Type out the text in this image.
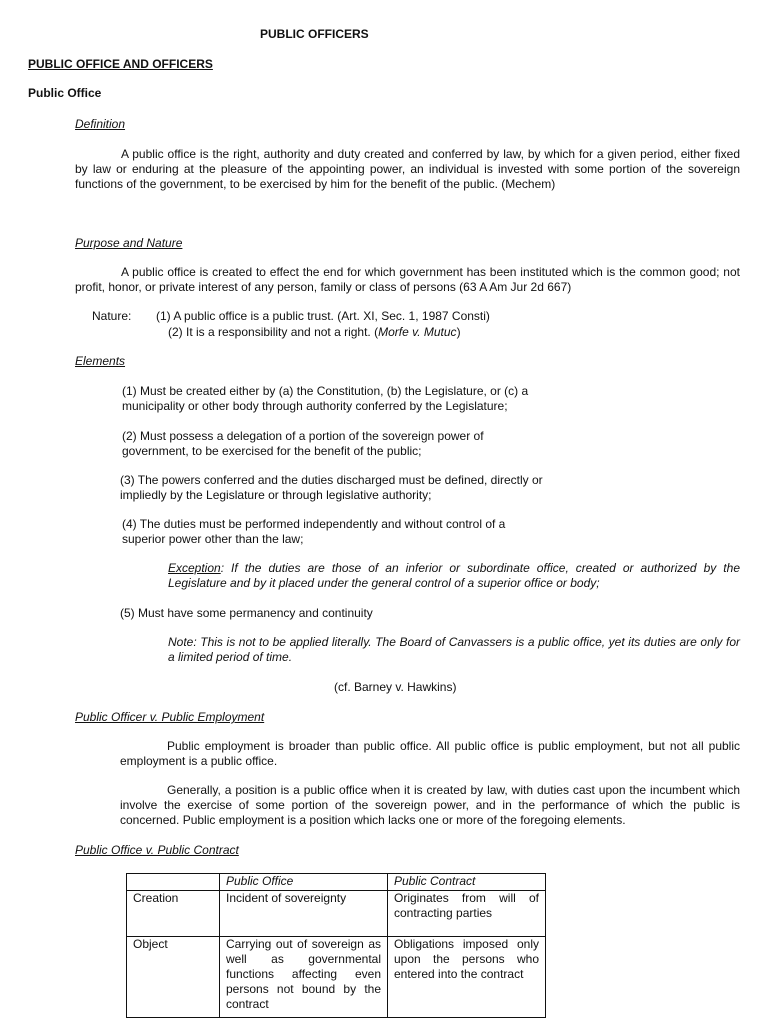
PUBLIC OFFICERS
PUBLIC OFFICE AND OFFICERS
Public Office
Definition

A public office is the right, authority and duty created and conferred by law, by which for a given period, either fixed by law or enduring at the pleasure of the appointing power, an individual is invested with some portion of the sovereign functions of the government, to be exercised by him for the benefit of the public. (Mechem)

Purpose and Nature

A public office is created to effect the end for which government has been instituted which is the common good; not profit, honor, or private interest of any person, family or class of persons (63 A Am Jur 2d 667)

Nature: (1) A public office is a public trust. (Art. XI, Sec. 1, 1987 Consti)
(2) It is a responsibility and not a right. (Morfe v. Mutuc)
Elements

(1) Must be created either by (a) the Constitution, (b) the Legislature, or (c) a municipality or other body through authority conferred by the Legislature;

(2) Must possess a delegation of a portion of the sovereign power of government, to be exercised for the benefit of the public;

(3) The powers conferred and the duties discharged must be defined, directly or impliedly by the Legislature or through legislative authority;

(4) The duties must be performed independently and without control of a superior power other than the law;

Exception: If the duties are those of an inferior or subordinate office, created or authorized by the Legislature and by it placed under the general control of a superior office or body;

(5) Must have some permanency and continuity

Note: This is not to be applied literally. The Board of Canvassers is a public office, yet its duties are only for a limited period of time.

(cf. Barney v. Hawkins)
Public Officer v. Public Employment

Public employment is broader than public office. All public office is public employment, but not all public employment is a public office.

Generally, a position is a public office when it is created by law, with duties cast upon the incumbent which involve the exercise of some portion of the sovereign power, and in the performance of which the public is concerned. Public employment is a position which lacks one or more of the foregoing elements.

Public Office v. Public Contract
	Public Office	Public Contract
Creation	Incident of sovereignty	Originates from will of contracting parties
Object	Carrying out of sovereign as well as governmental functions affecting even persons not bound by the contract	Obligations imposed only upon the persons who entered into the contract
